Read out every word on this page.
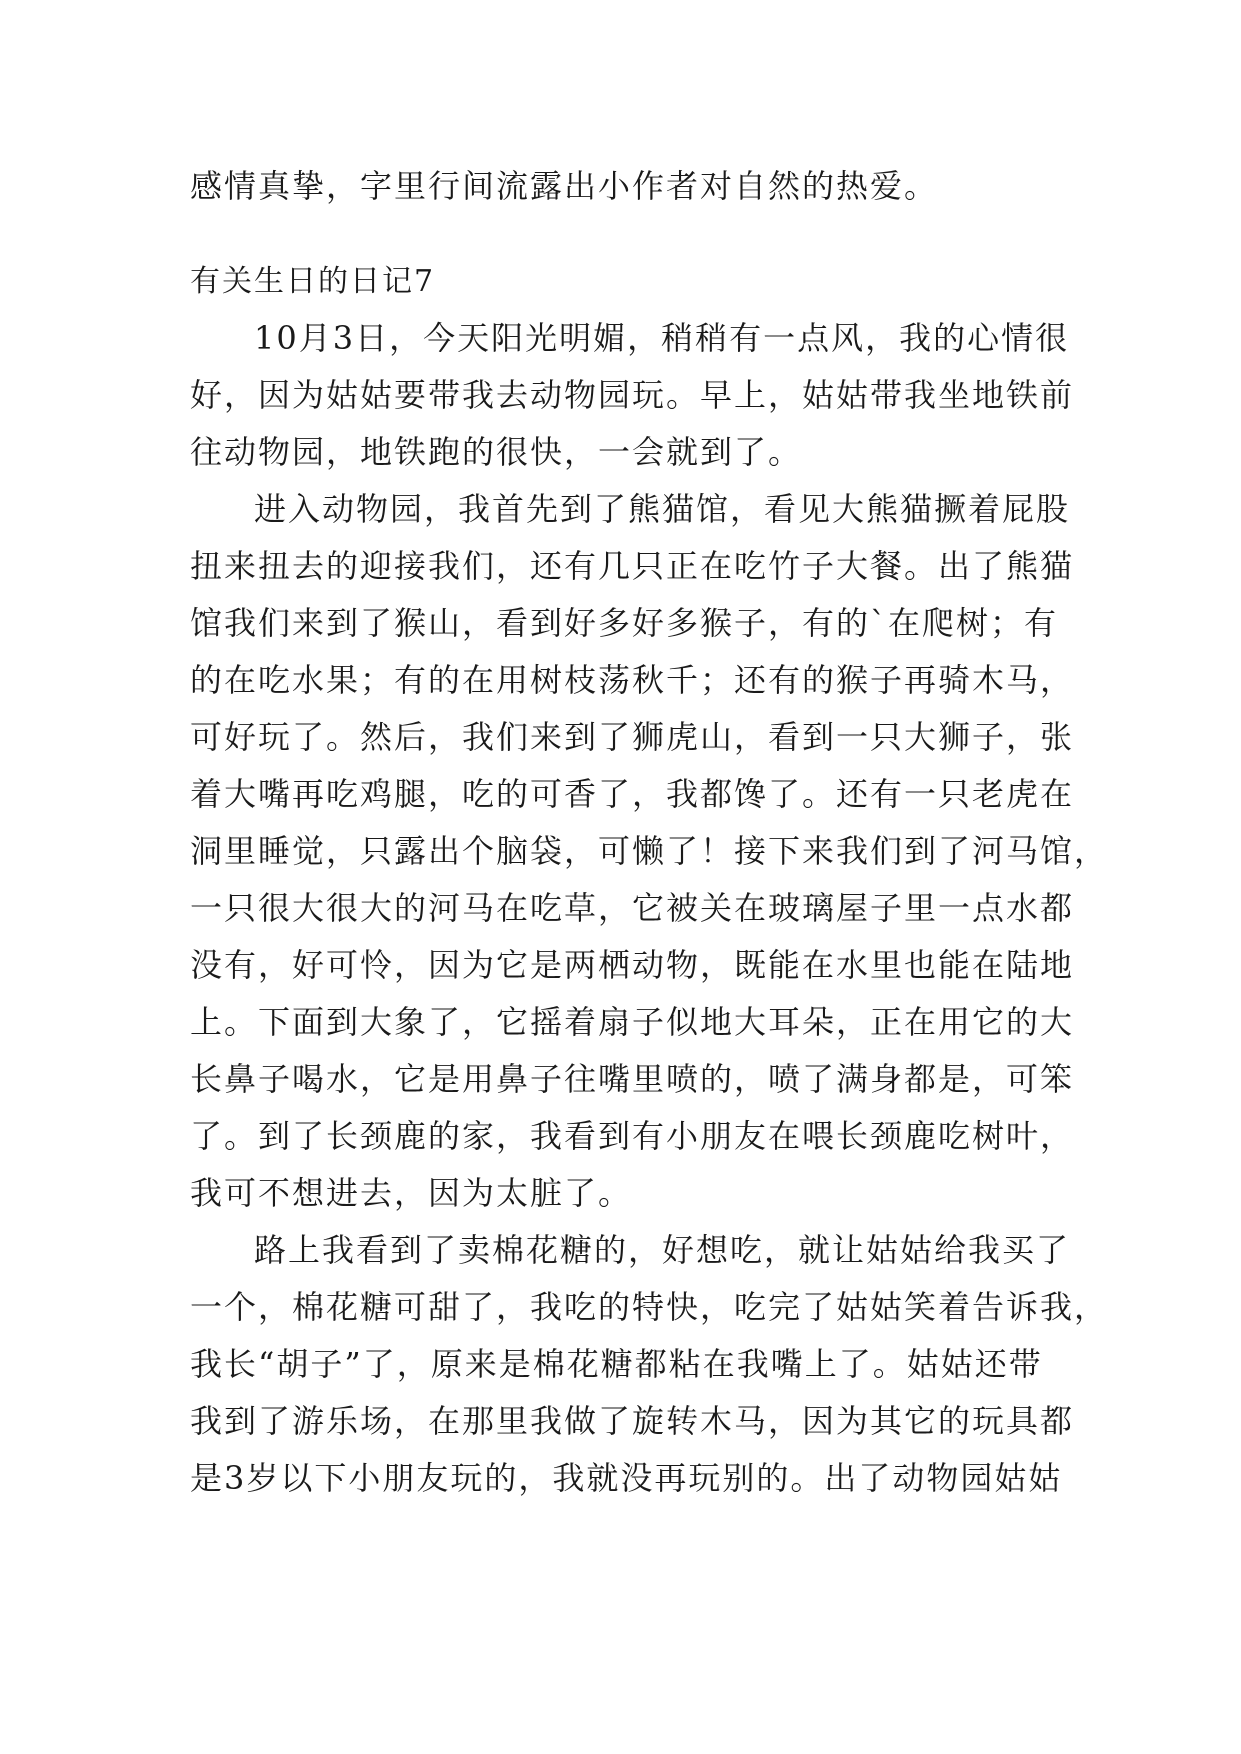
感情真挚，字里行间流露出小作者对自然的热爱。

有关生日的日记7

10月3日，今天阳光明媚，稍稍有一点风，我的心情很
好，因为姑姑要带我去动物园玩。早上，姑姑带我坐地铁前
往动物园，地铁跑的很快，一会就到了。

进入动物园，我首先到了熊猫馆，看见大熊猫撅着屁股
扭来扭去的迎接我们，还有几只正在吃竹子大餐。出了熊猫
馆我们来到了猴山，看到好多好多猴子，有的`在爬树；有
的在吃水果；有的在用树枝荡秋千；还有的猴子再骑木马，
可好玩了。然后，我们来到了狮虎山，看到一只大狮子，张
着大嘴再吃鸡腿，吃的可香了，我都馋了。还有一只老虎在
洞里睡觉，只露出个脑袋，可懒了！接下来我们到了河马馆，
一只很大很大的河马在吃草，它被关在玻璃屋子里一点水都
没有，好可怜，因为它是两栖动物，既能在水里也能在陆地
上。下面到大象了，它摇着扇子似地大耳朵，正在用它的大
长鼻子喝水，它是用鼻子往嘴里喷的，喷了满身都是，可笨
了。到了长颈鹿的家，我看到有小朋友在喂长颈鹿吃树叶，
我可不想进去，因为太脏了。

路上我看到了卖棉花糖的，好想吃，就让姑姑给我买了
一个，棉花糖可甜了，我吃的特快，吃完了姑姑笑着告诉我，
我长“胡子”了，原来是棉花糖都粘在我嘴上了。姑姑还带
我到了游乐场，在那里我做了旋转木马，因为其它的玩具都
是3岁以下小朋友玩的，我就没再玩别的。出了动物园姑姑
